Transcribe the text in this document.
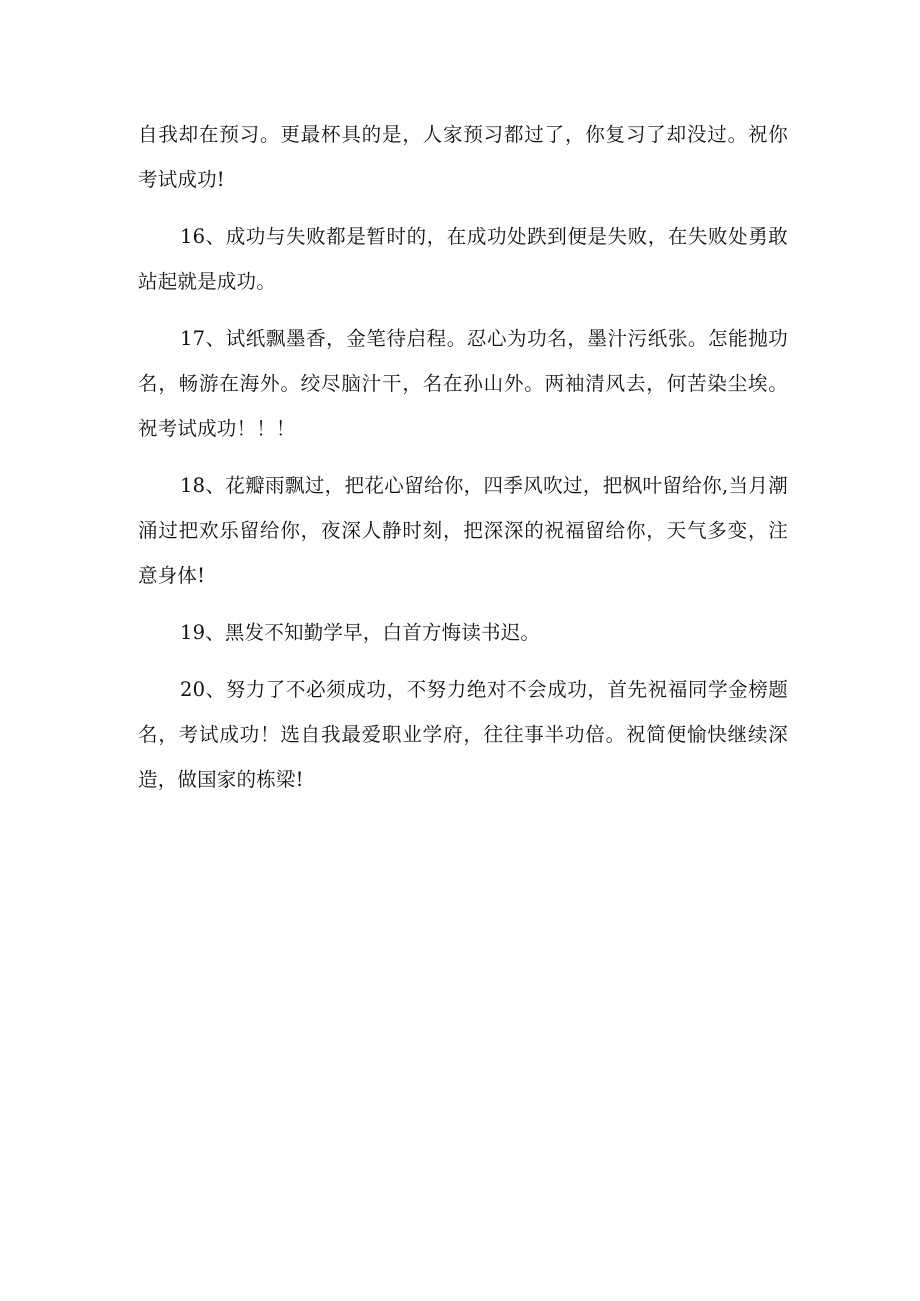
自我却在预习。更最杯具的是，人家预习都过了，你复习了却没过。祝你考试成功!

16、成功与失败都是暂时的，在成功处跌到便是失败，在失败处勇敢站起就是成功。

17、试纸飘墨香，金笔待启程。忍心为功名，墨汁污纸张。怎能抛功名，畅游在海外。绞尽脑汁干，名在孙山外。两袖清风去，何苦染尘埃。祝考试成功！！！

18、花瓣雨飘过，把花心留给你，四季风吹过，把枫叶留给你,当月潮涌过把欢乐留给你，夜深人静时刻，把深深的祝福留给你，天气多变，注意身体!

19、黑发不知勤学早，白首方悔读书迟。

20、努力了不必须成功，不努力绝对不会成功，首先祝福同学金榜题名，考试成功！选自我最爱职业学府，往往事半功倍。祝简便愉快继续深造，做国家的栋梁!
